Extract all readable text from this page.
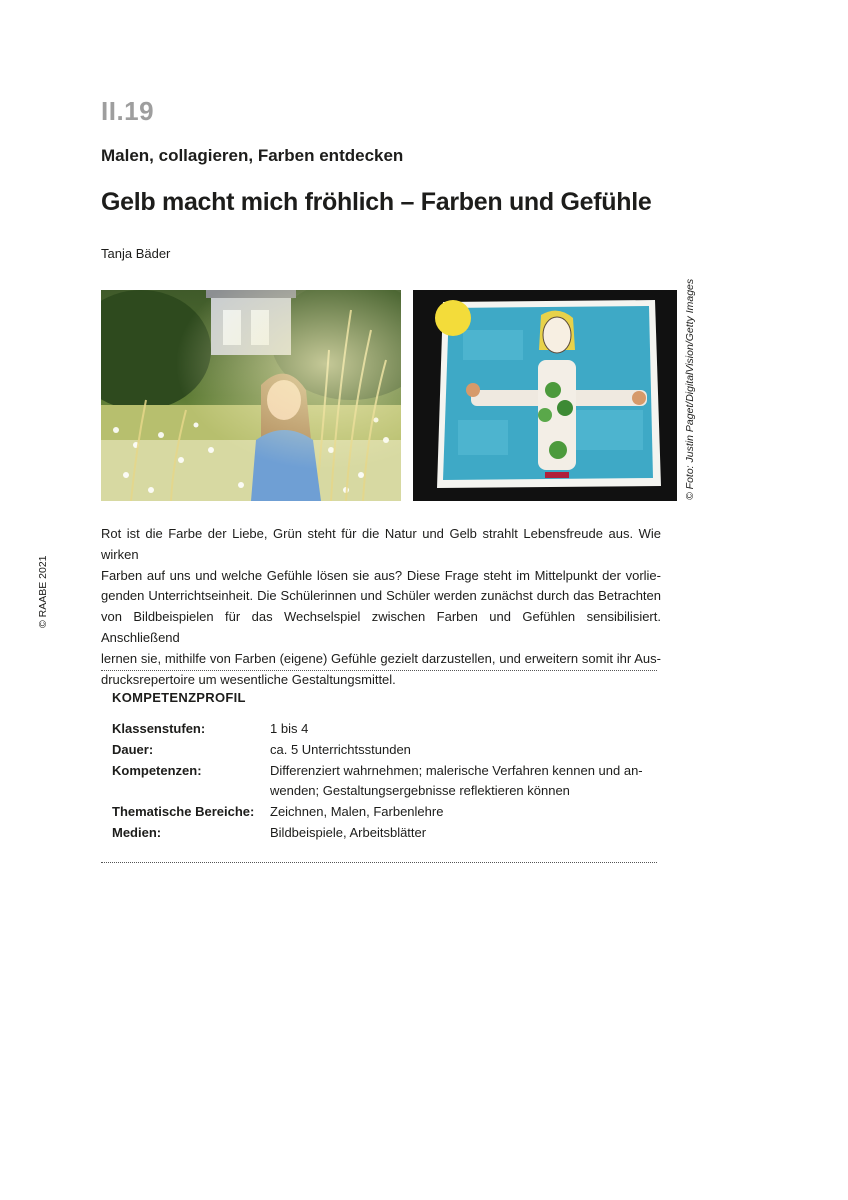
II.19
Malen, collagieren, Farben entdecken
Gelb macht mich fröhlich – Farben und Gefühle
Tanja Bäder
© Foto: Justin Paget/DigitalVision/Getty Images
© RAABE 2021
Rot ist die Farbe der Liebe, Grün steht für die Natur und Gelb strahlt Lebensfreude aus. Wie wirken
Farben auf uns und welche Gefühle lösen sie aus? Diese Frage steht im Mittelpunkt der vorlie-
genden Unterrichtseinheit. Die Schülerinnen und Schüler werden zunächst durch das Betrachten
von Bildbeispielen für das Wechselspiel zwischen Farben und Gefühlen sensibilisiert. Anschließend
lernen sie, mithilfe von Farben (eigene) Gefühle gezielt darzustellen, und erweitern somit ihr Aus-
drucksrepertoire um wesentliche Gestaltungsmittel.
KOMPETENZPROFIL
Klassenstufen:	1 bis 4
Dauer:	ca. 5 Unterrichtsstunden
Kompetenzen:	Differenziert wahrnehmen; malerische Verfahren kennen und an-
wenden; Gestaltungsergebnisse reflektieren können
Thematische Bereiche:	Zeichnen, Malen, Farbenlehre
Medien:	Bildbeispiele, Arbeitsblätter
